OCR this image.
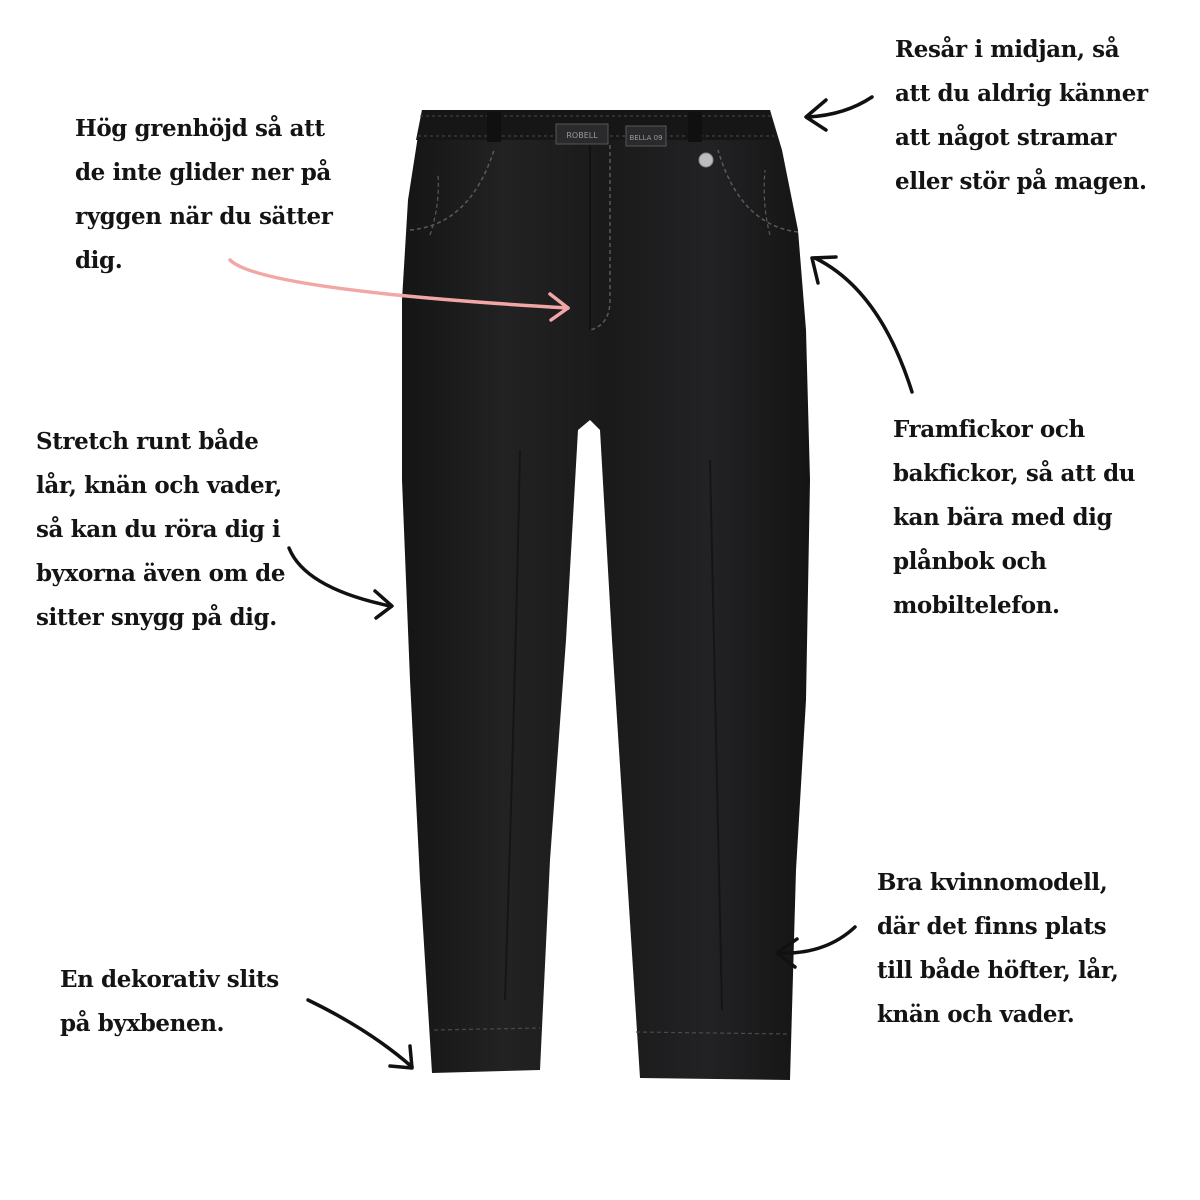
ROBELL	BELLA 09
Resår i midjan, så
att du aldrig känner
att något stramar
eller stör på magen.
Hög grenhöjd så att
de inte glider ner på
ryggen när du sätter
dig.
Stretch runt både
lår, knän och vader,
så kan du röra dig i
byxorna även om de
sitter snygg på dig.
Framfickor och
bakfickor, så att du
kan bära med dig
plånbok och
mobiltelefon.
Bra kvinnomodell,
där det finns plats
till både höfter, lår,
knän och vader.
En dekorativ slits
på byxbenen.
